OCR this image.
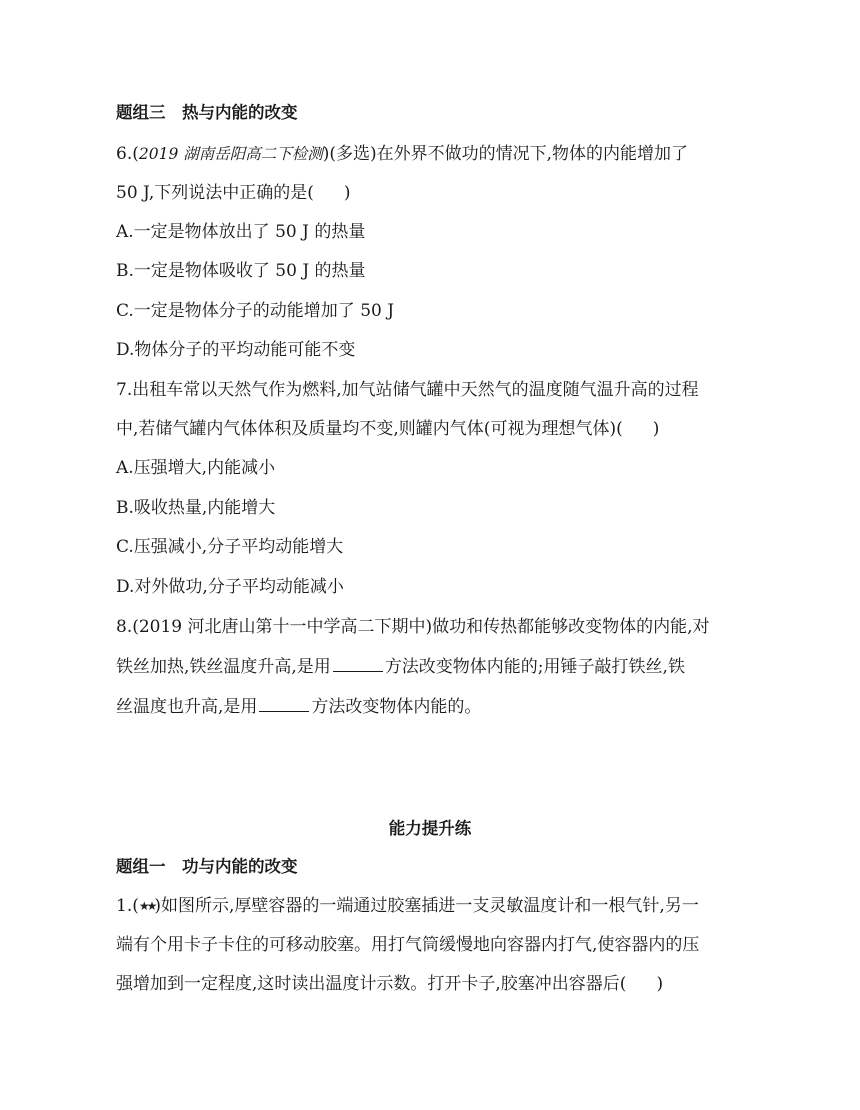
题组三　热与内能的改变
6.(2019 湖南岳阳高二下检测)(多选)在外界不做功的情况下,物体的内能增加了
50 J,下列说法中正确的是( )
A.一定是物体放出了 50 J 的热量
B.一定是物体吸收了 50 J 的热量
C.一定是物体分子的动能增加了 50 J
D.物体分子的平均动能可能不变
7.出租车常以天然气作为燃料,加气站储气罐中天然气的温度随气温升高的过程
中,若储气罐内气体体积及质量均不变,则罐内气体(可视为理想气体)( )
A.压强增大,内能减小
B.吸收热量,内能增大
C.压强减小,分子平均动能增大
D.对外做功,分子平均动能减小
8.(2019 河北唐山第十一中学高二下期中)做功和传热都能够改变物体的内能,对
铁丝加热,铁丝温度升高,是用	方法改变物体内能的;用锤子敲打铁丝,铁
丝温度也升高,是用	方法改变物体内能的。
能力提升练
题组一　功与内能的改变
1.(★★)如图所示,厚壁容器的一端通过胶塞插进一支灵敏温度计和一根气针,另一
端有个用卡子卡住的可移动胶塞。用打气筒缓慢地向容器内打气,使容器内的压
强增加到一定程度,这时读出温度计示数。打开卡子,胶塞冲出容器后( )
